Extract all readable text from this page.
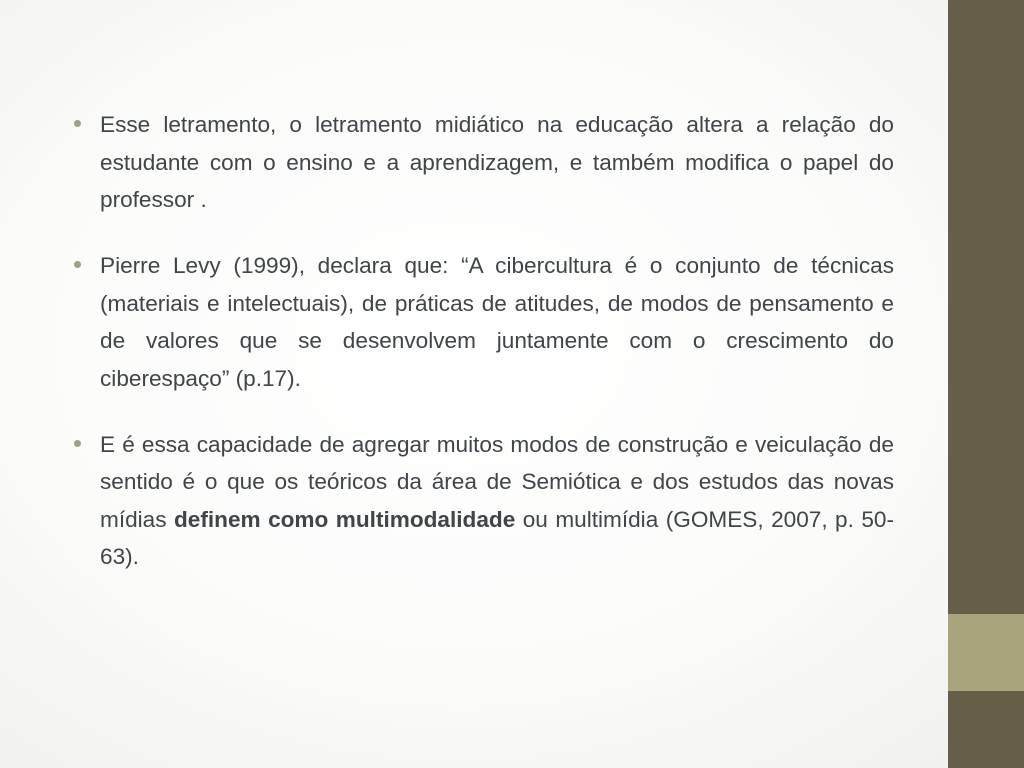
Esse letramento, o letramento midiático na educação altera a relação do estudante com o ensino e a aprendizagem, e também modifica o papel do professor .

Pierre Levy (1999), declara que: “A cibercultura é o conjunto de técnicas (materiais e intelectuais), de práticas de atitudes, de modos de pensamento e de valores que se desenvolvem juntamente com o crescimento do ciberespaço” (p.17).

E é essa capacidade de agregar muitos modos de construção e veiculação de sentido é o que os teóricos da área de Semiótica e dos estudos das novas mídias definem como multimodalidade ou multimídia (GOMES, 2007, p. 50-63).
